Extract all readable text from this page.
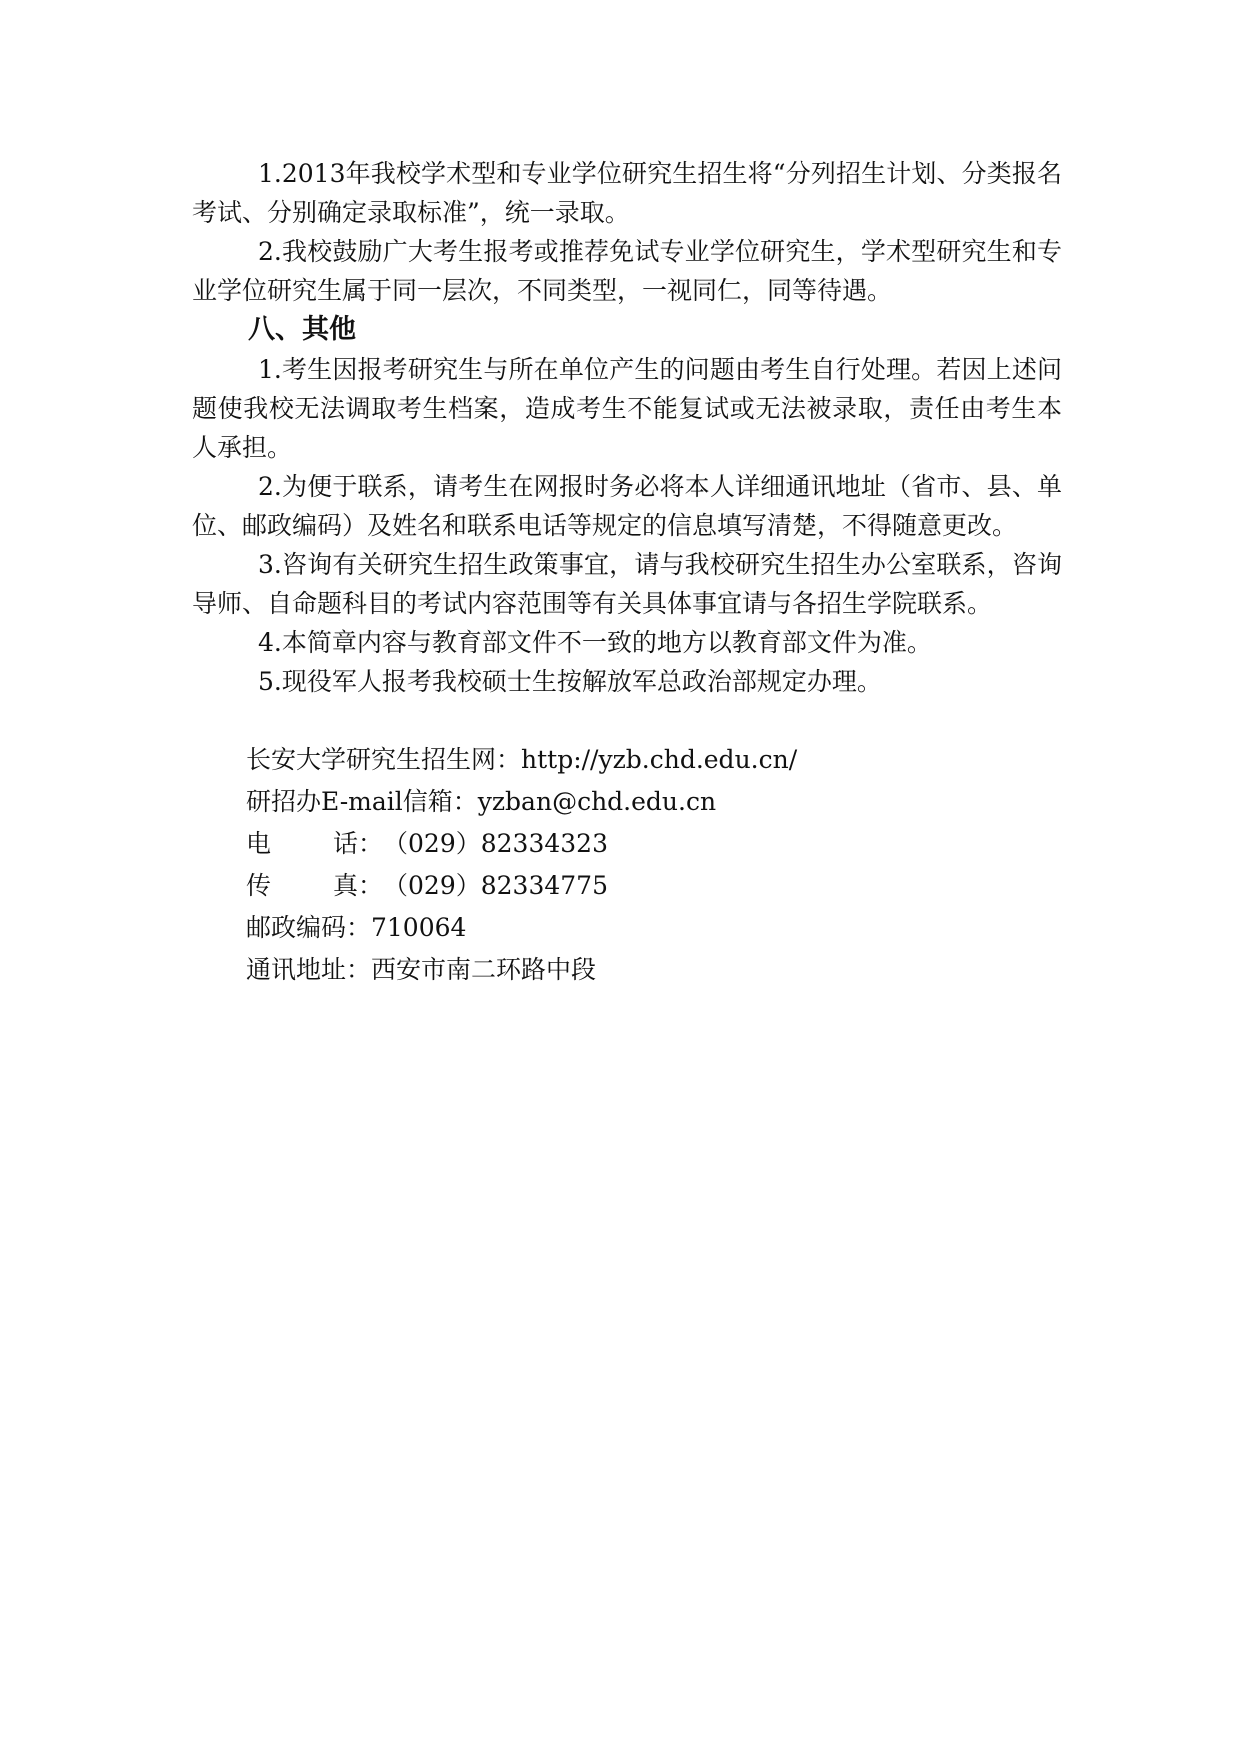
1.2013年我校学术型和专业学位研究生招生将“分列招生计划、分类报名考试、分别确定录取标准”，统一录取。

2.我校鼓励广大考生报考或推荐免试专业学位研究生，学术型研究生和专业学位研究生属于同一层次，不同类型，一视同仁，同等待遇。

八、其他

1.考生因报考研究生与所在单位产生的问题由考生自行处理。若因上述问题使我校无法调取考生档案，造成考生不能复试或无法被录取，责任由考生本人承担。

2.为便于联系，请考生在网报时务必将本人详细通讯地址（省市、县、单位、邮政编码）及姓名和联系电话等规定的信息填写清楚，不得随意更改。

3.咨询有关研究生招生政策事宜，请与我校研究生招生办公室联系，咨询导师、自命题科目的考试内容范围等有关具体事宜请与各招生学院联系。

4.本简章内容与教育部文件不一致的地方以教育部文件为准。

5.现役军人报考我校硕士生按解放军总政治部规定办理。

长安大学研究生招生网：http://yzb.chd.edu.cn/

研招办E-mail信箱：yzban@chd.edu.cn

电 话：（029）82334323

传 真：（029）82334775

邮政编码：710064

通讯地址：西安市南二环路中段
